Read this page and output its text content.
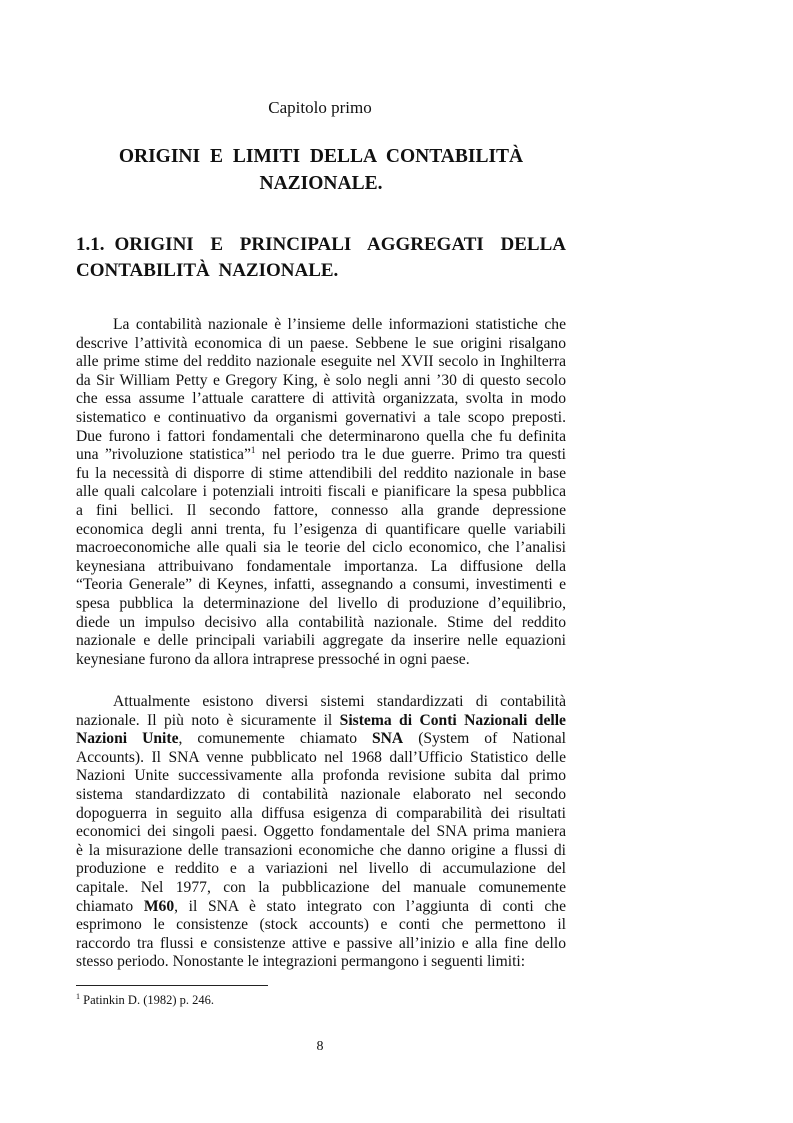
Capitolo primo
ORIGINI E LIMITI DELLA CONTABILITÀ
NAZIONALE.
1.1. ORIGINI E PRINCIPALI AGGREGATI DELLA
CONTABILITÀ NAZIONALE.

La contabilità nazionale è l’insieme delle informazioni statistiche che
descrive l’attività economica di un paese. Sebbene le sue origini risalgano
alle prime stime del reddito nazionale eseguite nel XVII secolo in Inghilterra
da Sir William Petty e Gregory King, è solo negli anni ’30 di questo secolo
che essa assume l’attuale carattere di attività organizzata, svolta in modo
sistematico e continuativo da organismi governativi a tale scopo preposti.
Due furono i fattori fondamentali che determinarono quella che fu definita
una ”rivoluzione statistica”$^1$ nel periodo tra le due guerre. Primo tra questi
fu la necessità di disporre di stime attendibili del reddito nazionale in base
alle quali calcolare i potenziali introiti fiscali e pianificare la spesa pubblica
a fini bellici. Il secondo fattore, connesso alla grande depressione
economica degli anni trenta, fu l’esigenza di quantificare quelle variabili
macroeconomiche alle quali sia le teorie del ciclo economico, che l’analisi
keynesiana attribuivano fondamentale importanza. La diffusione della
“Teoria Generale” di Keynes, infatti, assegnando a consumi, investimenti e
spesa pubblica la determinazione del livello di produzione d’equilibrio,
diede un impulso decisivo alla contabilità nazionale. Stime del reddito
nazionale e delle principali variabili aggregate da inserire nelle equazioni
keynesiane furono da allora intraprese pressoché in ogni paese.

Attualmente esistono diversi sistemi standardizzati di contabilità
nazionale. Il più noto è sicuramente il Sistema di Conti Nazionali delle
Nazioni Unite, comunemente chiamato SNA (System of National
Accounts). Il SNA venne pubblicato nel 1968 dall’Ufficio Statistico delle
Nazioni Unite successivamente alla profonda revisione subita dal primo
sistema standardizzato di contabilità nazionale elaborato nel secondo
dopoguerra in seguito alla diffusa esigenza di comparabilità dei risultati
economici dei singoli paesi. Oggetto fondamentale del SNA prima maniera
è la misurazione delle transazioni economiche che danno origine a flussi di
produzione e reddito e a variazioni nel livello di accumulazione del
capitale. Nel 1977, con la pubblicazione del manuale comunemente
chiamato M60, il SNA è stato integrato con l’aggiunta di conti che
esprimono le consistenze (stock accounts) e conti che permettono il
raccordo tra flussi e consistenze attive e passive all’inizio e alla fine dello
stesso periodo. Nonostante le integrazioni permangono i seguenti limiti:

$^1$ Patinkin D. (1982) p. 246.
8
